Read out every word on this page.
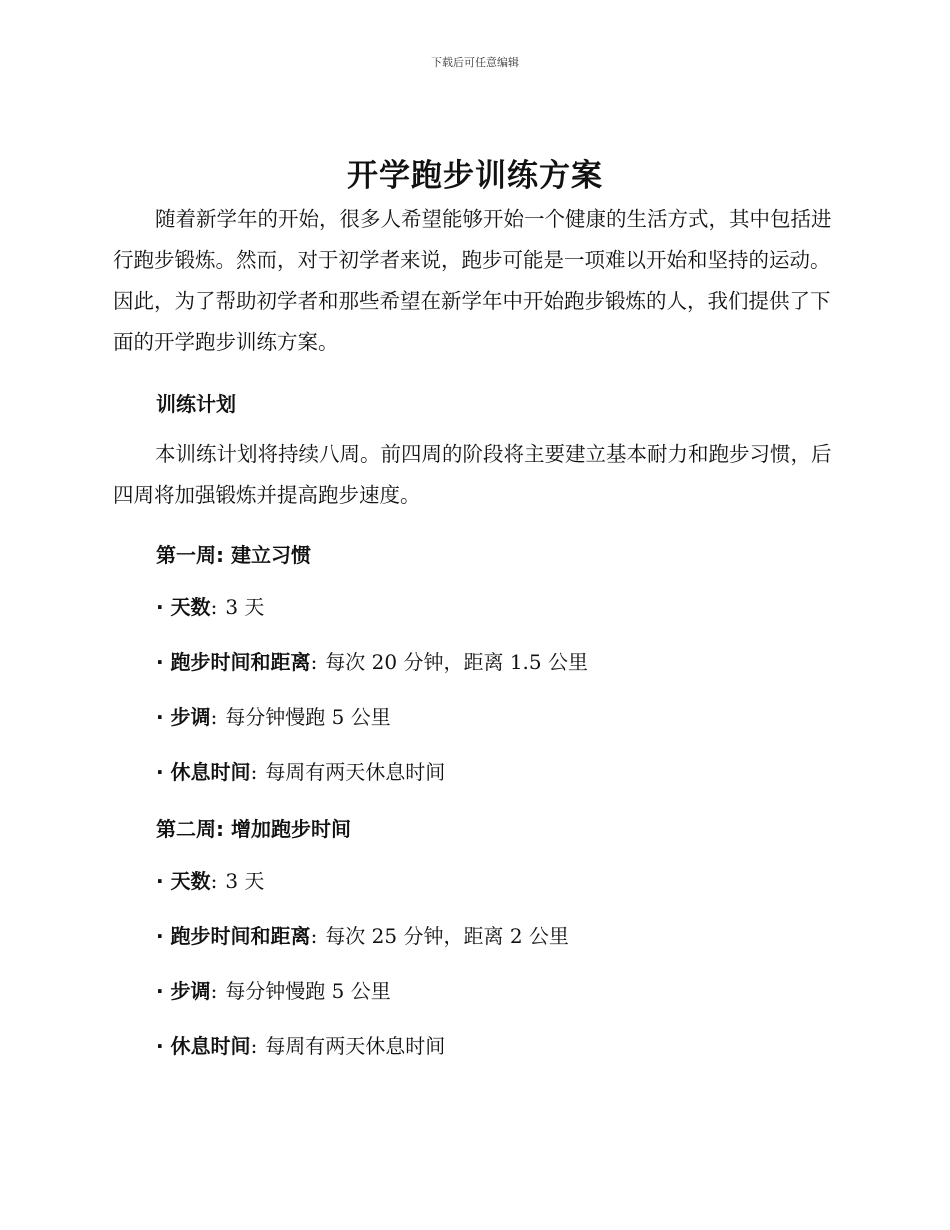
下载后可任意编辑
开学跑步训练方案

随着新学年的开始，很多人希望能够开始一个健康的生活方式，其中包括进行跑步锻炼。然而，对于初学者来说，跑步可能是一项难以开始和坚持的运动。因此，为了帮助初学者和那些希望在新学年中开始跑步锻炼的人，我们提供了下面的开学跑步训练方案。

训练计划

本训练计划将持续八周。前四周的阶段将主要建立基本耐力和跑步习惯，后四周将加强锻炼并提高跑步速度。

第一周: 建立习惯
· 天数: 3 天
· 跑步时间和距离: 每次 20 分钟，距离 1.5 公里
· 步调: 每分钟慢跑 5 公里
· 休息时间: 每周有两天休息时间
第二周: 增加跑步时间
· 天数: 3 天
· 跑步时间和距离: 每次 25 分钟，距离 2 公里
· 步调: 每分钟慢跑 5 公里
· 休息时间: 每周有两天休息时间
